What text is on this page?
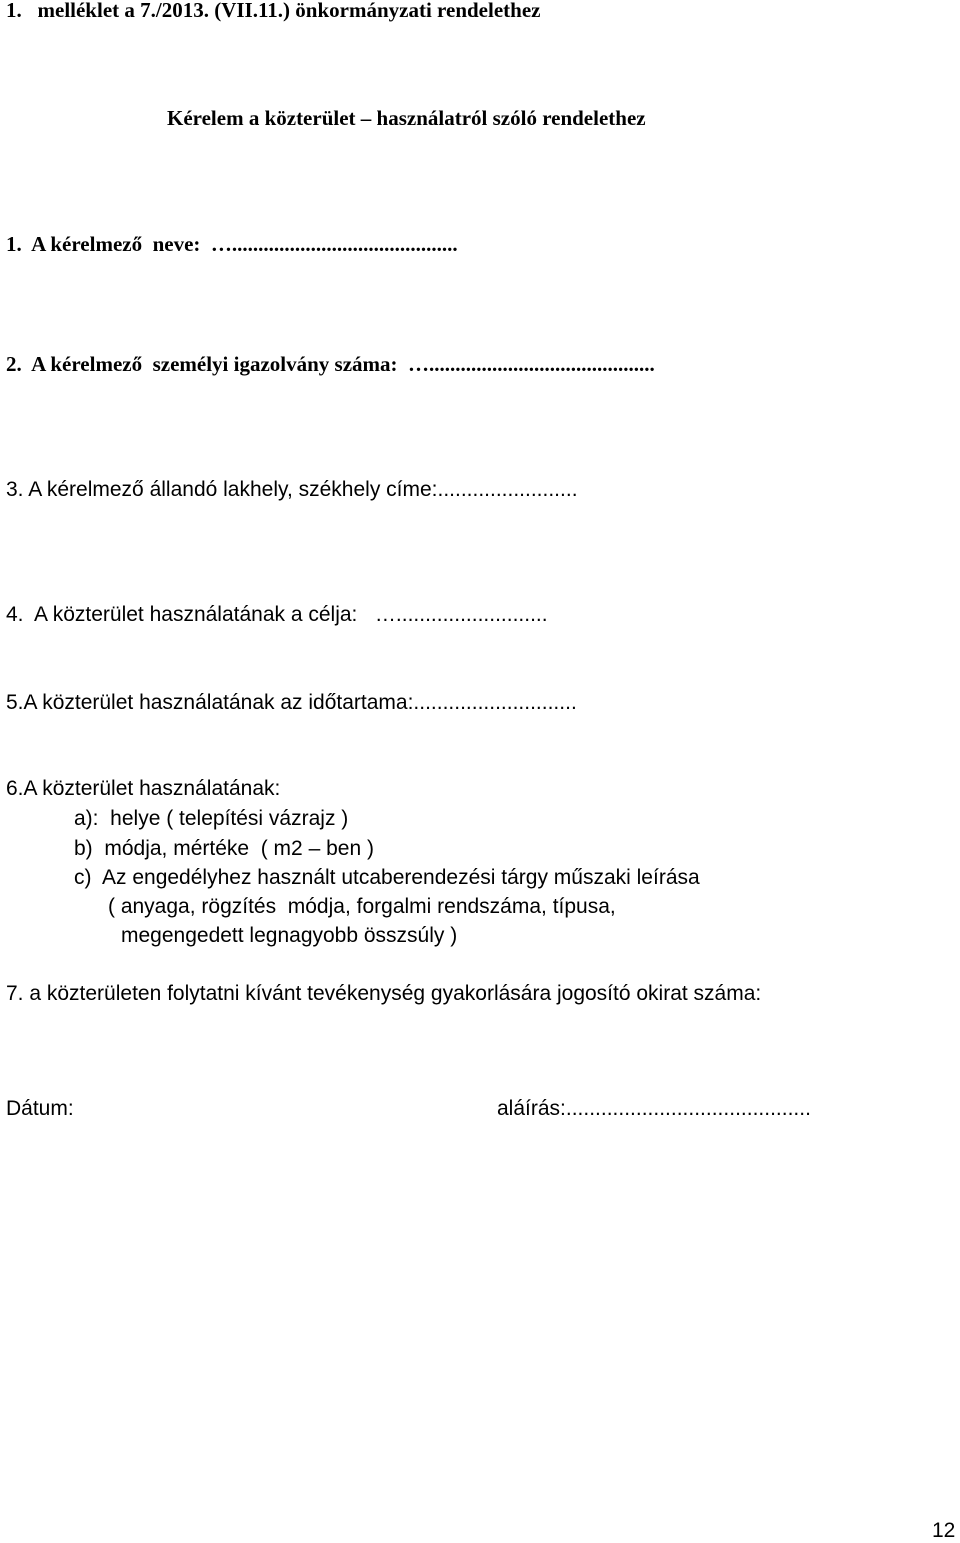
1.   melléklet a 7./2013. (VII.11.) önkormányzati rendelethez
Kérelem a közterület – használatról szóló rendelethez
1.  A kérelmező  neve:  …...........................................
2.  A kérelmező  személyi igazolvány száma:  …...........................................
3. A kérelmező állandó lakhely, székhely címe:........................
4.  A közterület használatának a célja:   …..........................
5.A közterület használatának az időtartama:............................
6.A közterület használatának:
a):  helye ( telepítési vázrajz )
b)  módja, mértéke  ( m2 – ben )
c)  Az engedélyhez használt utcaberendezési tárgy műszaki leírása
( anyaga, rögzítés  módja, forgalmi rendszáma, típusa,
megengedett legnagyobb összsúly )
7. a közterületen folytatni kívánt tevékenység gyakorlására jogosító okirat száma:
Dátum:	aláírás:..........................................
12
